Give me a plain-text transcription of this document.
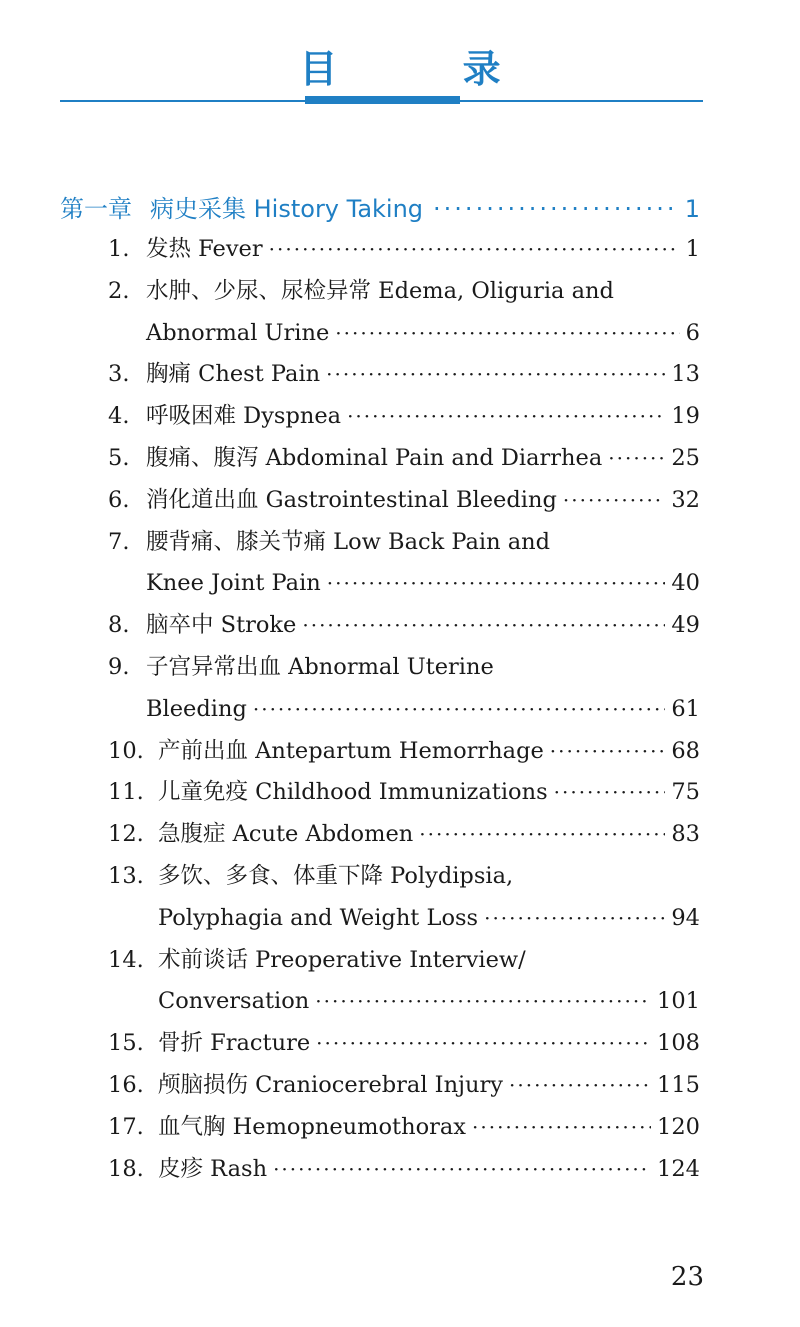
目 录
第一章 病史采集 History Taking ·····	1
1. 发热 Fever ·····	1
2. 水肿、少尿、尿检异常 Edema, Oliguria and
Abnormal Urine ·····	6
3. 胸痛 Chest Pain ·····	13
4. 呼吸困难 Dyspnea ·····	19
5. 腹痛、腹泻 Abdominal Pain and Diarrhea ·····	25
6. 消化道出血 Gastrointestinal Bleeding ·····	32
7. 腰背痛、膝关节痛 Low Back Pain and
Knee Joint Pain ·····	40
8. 脑卒中 Stroke ·····	49
9. 子宫异常出血 Abnormal Uterine
Bleeding ·····	61
10. 产前出血 Antepartum Hemorrhage ·····	68
11. 儿童免疫 Childhood Immunizations ·····	75
12. 急腹症 Acute Abdomen ·····	83
13. 多饮、多食、体重下降 Polydipsia,
Polyphagia and Weight Loss ·····	94
14. 术前谈话 Preoperative Interview/
Conversation ·····	101
15. 骨折 Fracture ·····	108
16. 颅脑损伤 Craniocerebral Injury ·····	115
17. 血气胸 Hemopneumothorax ·····	120
18. 皮疹 Rash ·····	124
23
